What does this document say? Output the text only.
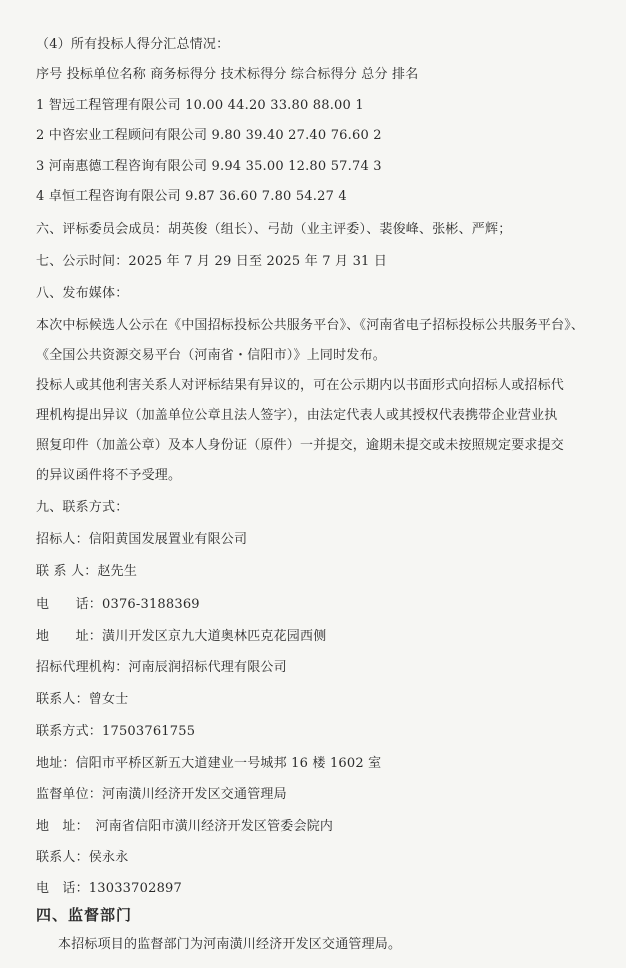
（4）所有投标人得分汇总情况：
序号 投标单位名称 商务标得分 技术标得分 综合标得分 总分 排名
1 智远工程管理有限公司 10.00 44.20 33.80 88.00 1
2 中咨宏业工程顾问有限公司 9.80 39.40 27.40 76.60 2
3 河南惠德工程咨询有限公司 9.94 35.00 12.80 57.74 3
4 卓恒工程咨询有限公司 9.87 36.60 7.80 54.27 4
六、评标委员会成员：胡英俊（组长）、弓劼（业主评委）、裴俊峰、张彬、严辉；
七、公示时间：2025 年 7 月 29 日至 2025 年 7 月 31 日
八、发布媒体：
本次中标候选人公示在《中国招标投标公共服务平台》、《河南省电子招标投标公共服务平台》、
《全国公共资源交易平台（河南省・信阳市）》上同时发布。
投标人或其他利害关系人对评标结果有异议的，可在公示期内以书面形式向招标人或招标代
理机构提出异议（加盖单位公章且法人签字），由法定代表人或其授权代表携带企业营业执
照复印件（加盖公章）及本人身份证（原件）一并提交，逾期未提交或未按照规定要求提交
的异议函件将不予受理。
九、联系方式：
招标人：信阳黄国发展置业有限公司
联 系 人：赵先生
电　　话：0376-3188369
地　　址：潢川开发区京九大道奥林匹克花园西侧
招标代理机构：河南辰润招标代理有限公司
联系人：曾女士
联系方式：17503761755
地址：信阳市平桥区新五大道建业一号城邦 16 楼 1602 室
监督单位：河南潢川经济开发区交通管理局
地　址：　河南省信阳市潢川经济开发区管委会院内
联系人：侯永永
电　话：13033702897
四、监督部门
本招标项目的监督部门为河南潢川经济开发区交通管理局。
